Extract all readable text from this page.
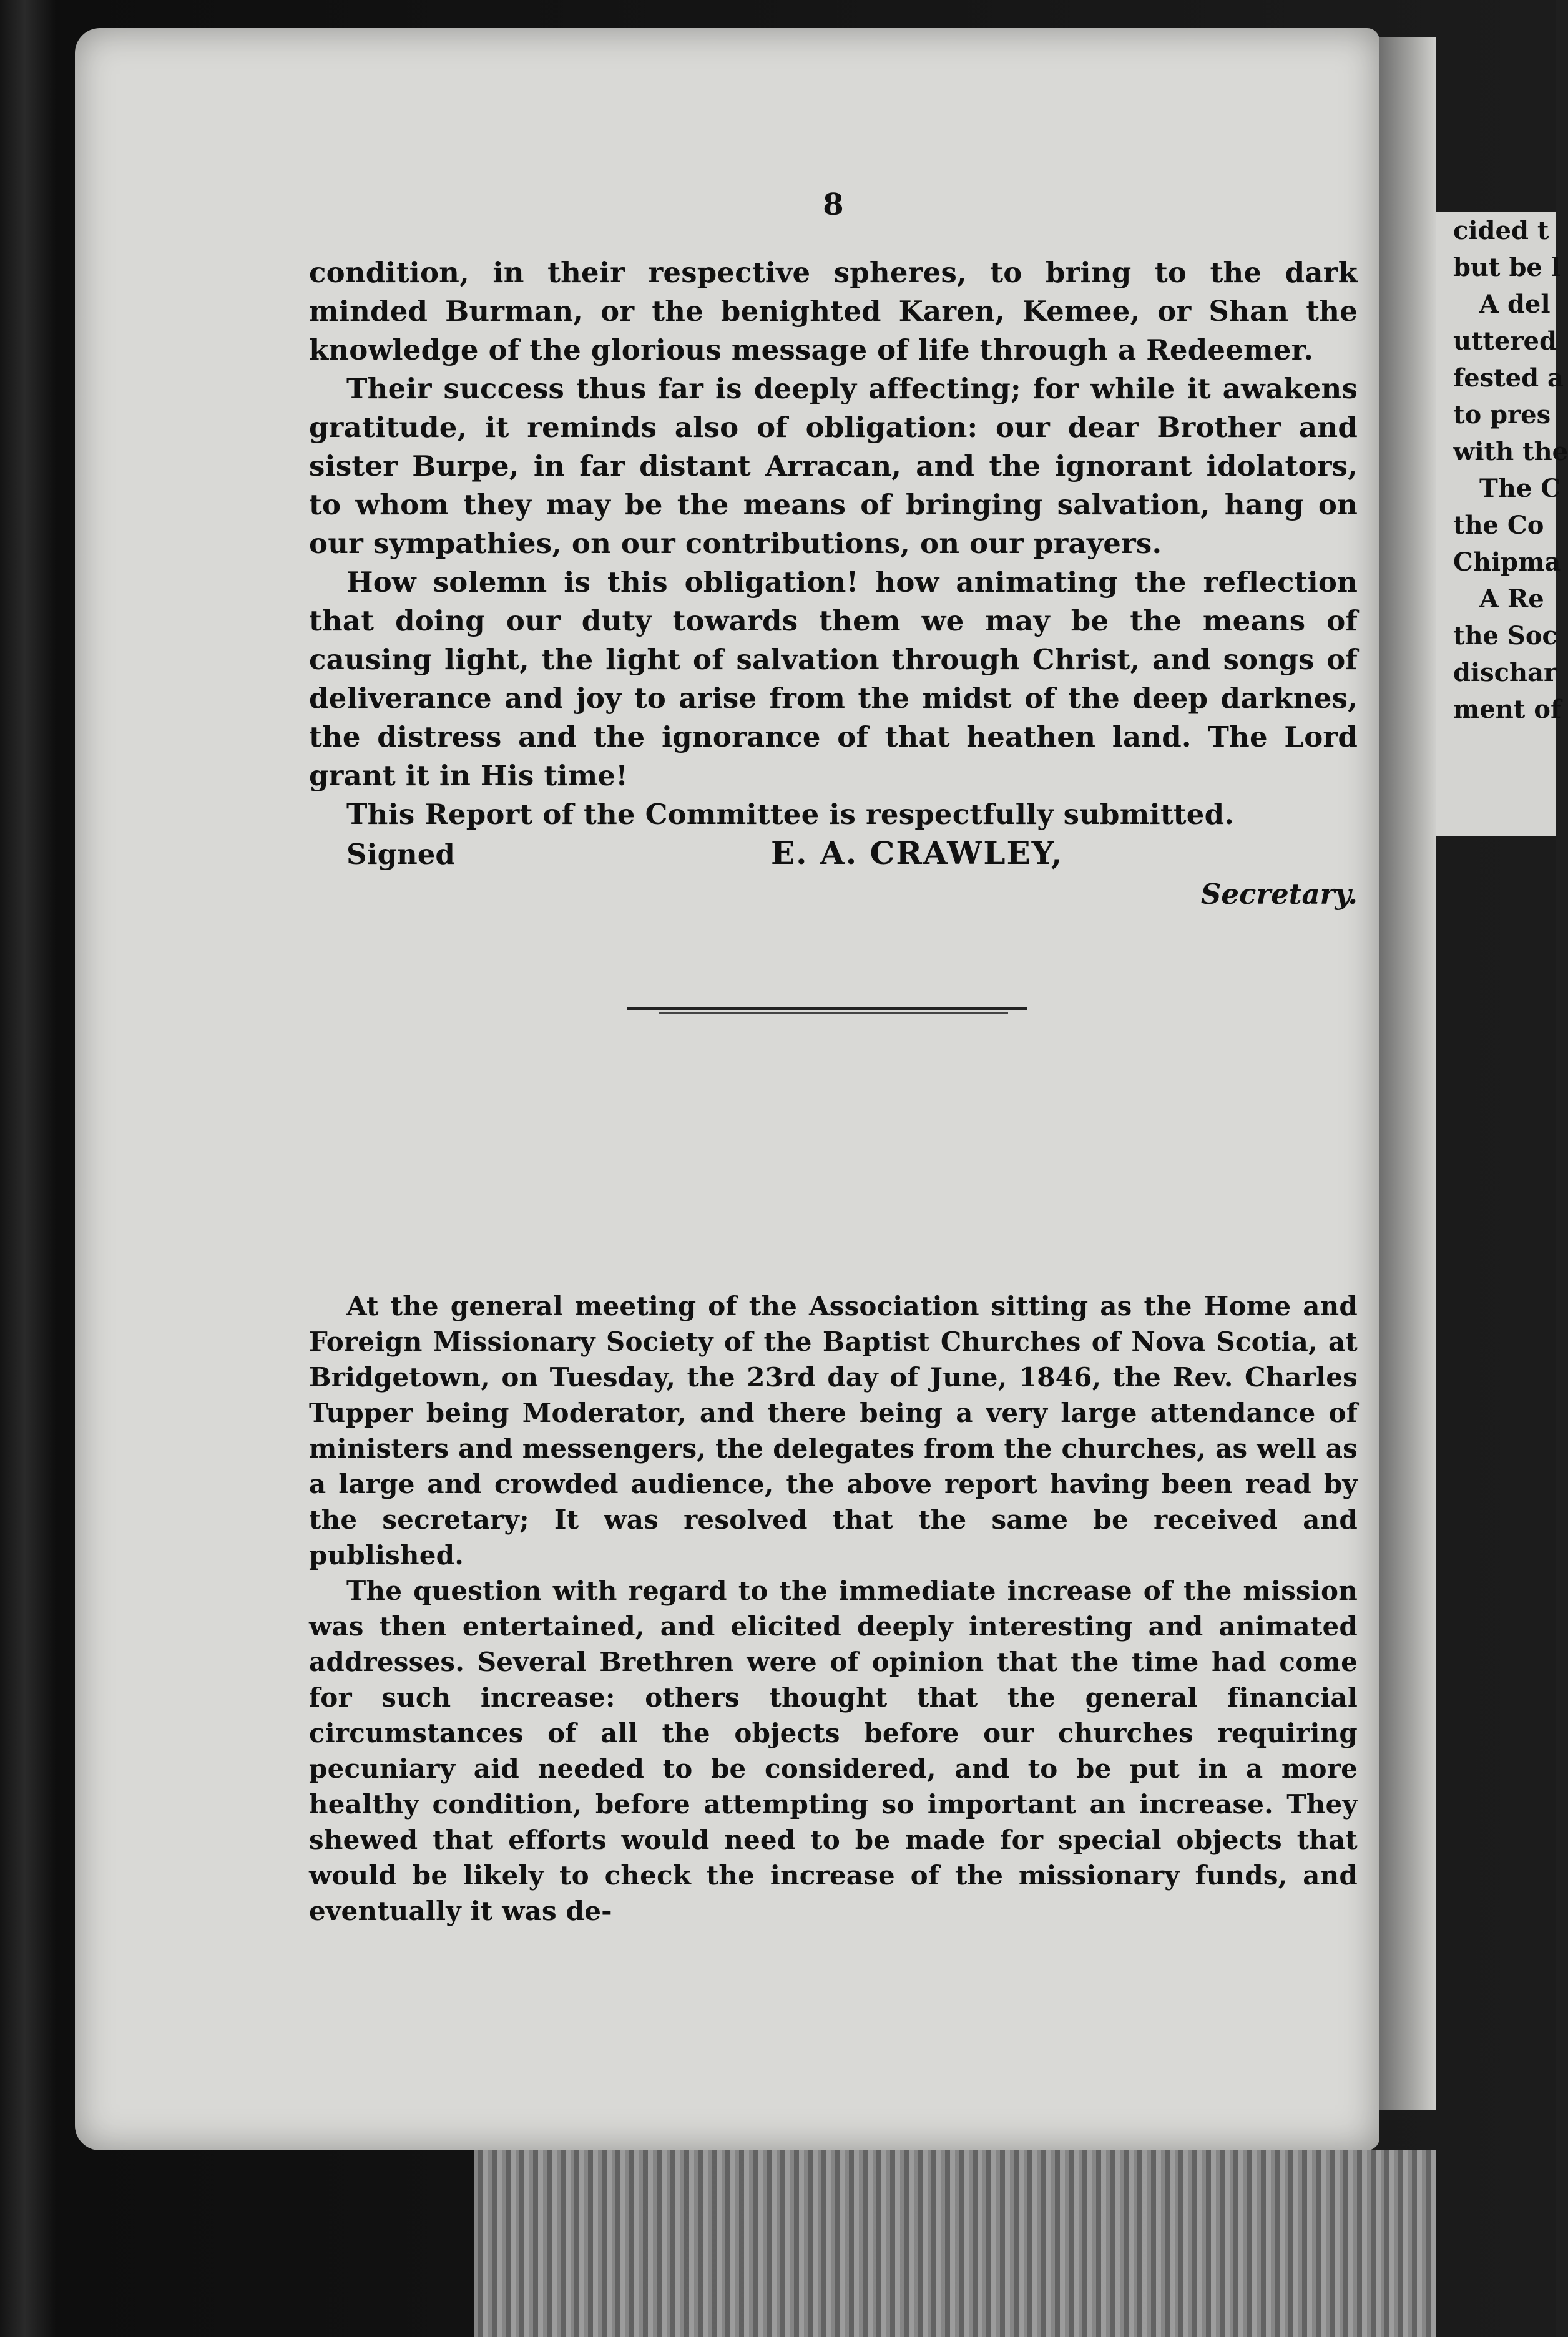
cided t
but be l
A del
uttered
fested a
to pres
with the
The C
the Co
Chipma
A Re
the Soc
dischar
ment of
8

condition, in their respective spheres, to bring to the dark minded Burman, or the benighted Karen, Kemee, or Shan the knowledge of the glorious message of life through a Redeemer.

Their success thus far is deeply affecting; for while it awakens gratitude, it reminds also of obligation: our dear Brother and sister Burpe, in far distant Arracan, and the ignorant idolators, to whom they may be the means of bringing salvation, hang on our sympathies, on our contributions, on our prayers.

How solemn is this obligation! how animating the reflection that doing our duty towards them we may be the means of causing light, the light of salvation through Christ, and songs of deliverance and joy to arise from the midst of the deep darknes, the distress and the ignorance of that heathen land. The Lord grant it in His time!

This Report of the Committee is respectfully submitted.

Signed	E. A. CRAWLEY,
Secretary.

At the general meeting of the Association sitting as the Home and Foreign Missionary Society of the Baptist Churches of Nova Scotia, at Bridgetown, on Tuesday, the 23rd day of June, 1846, the Rev. Charles Tupper being Moderator, and there being a very large attendance of ministers and messengers, the delegates from the churches, as well as a large and crowded audience, the above report having been read by the secretary; It was resolved that the same be received and published.

The question with regard to the immediate increase of the mission was then entertained, and elicited deeply interesting and animated addresses. Several Brethren were of opinion that the time had come for such increase: others thought that the general financial circumstances of all the objects before our churches requiring pecuniary aid needed to be considered, and to be put in a more healthy condition, before attempting so important an increase. They shewed that efforts would need to be made for special objects that would be likely to check the increase of the missionary funds, and eventually it was de-
